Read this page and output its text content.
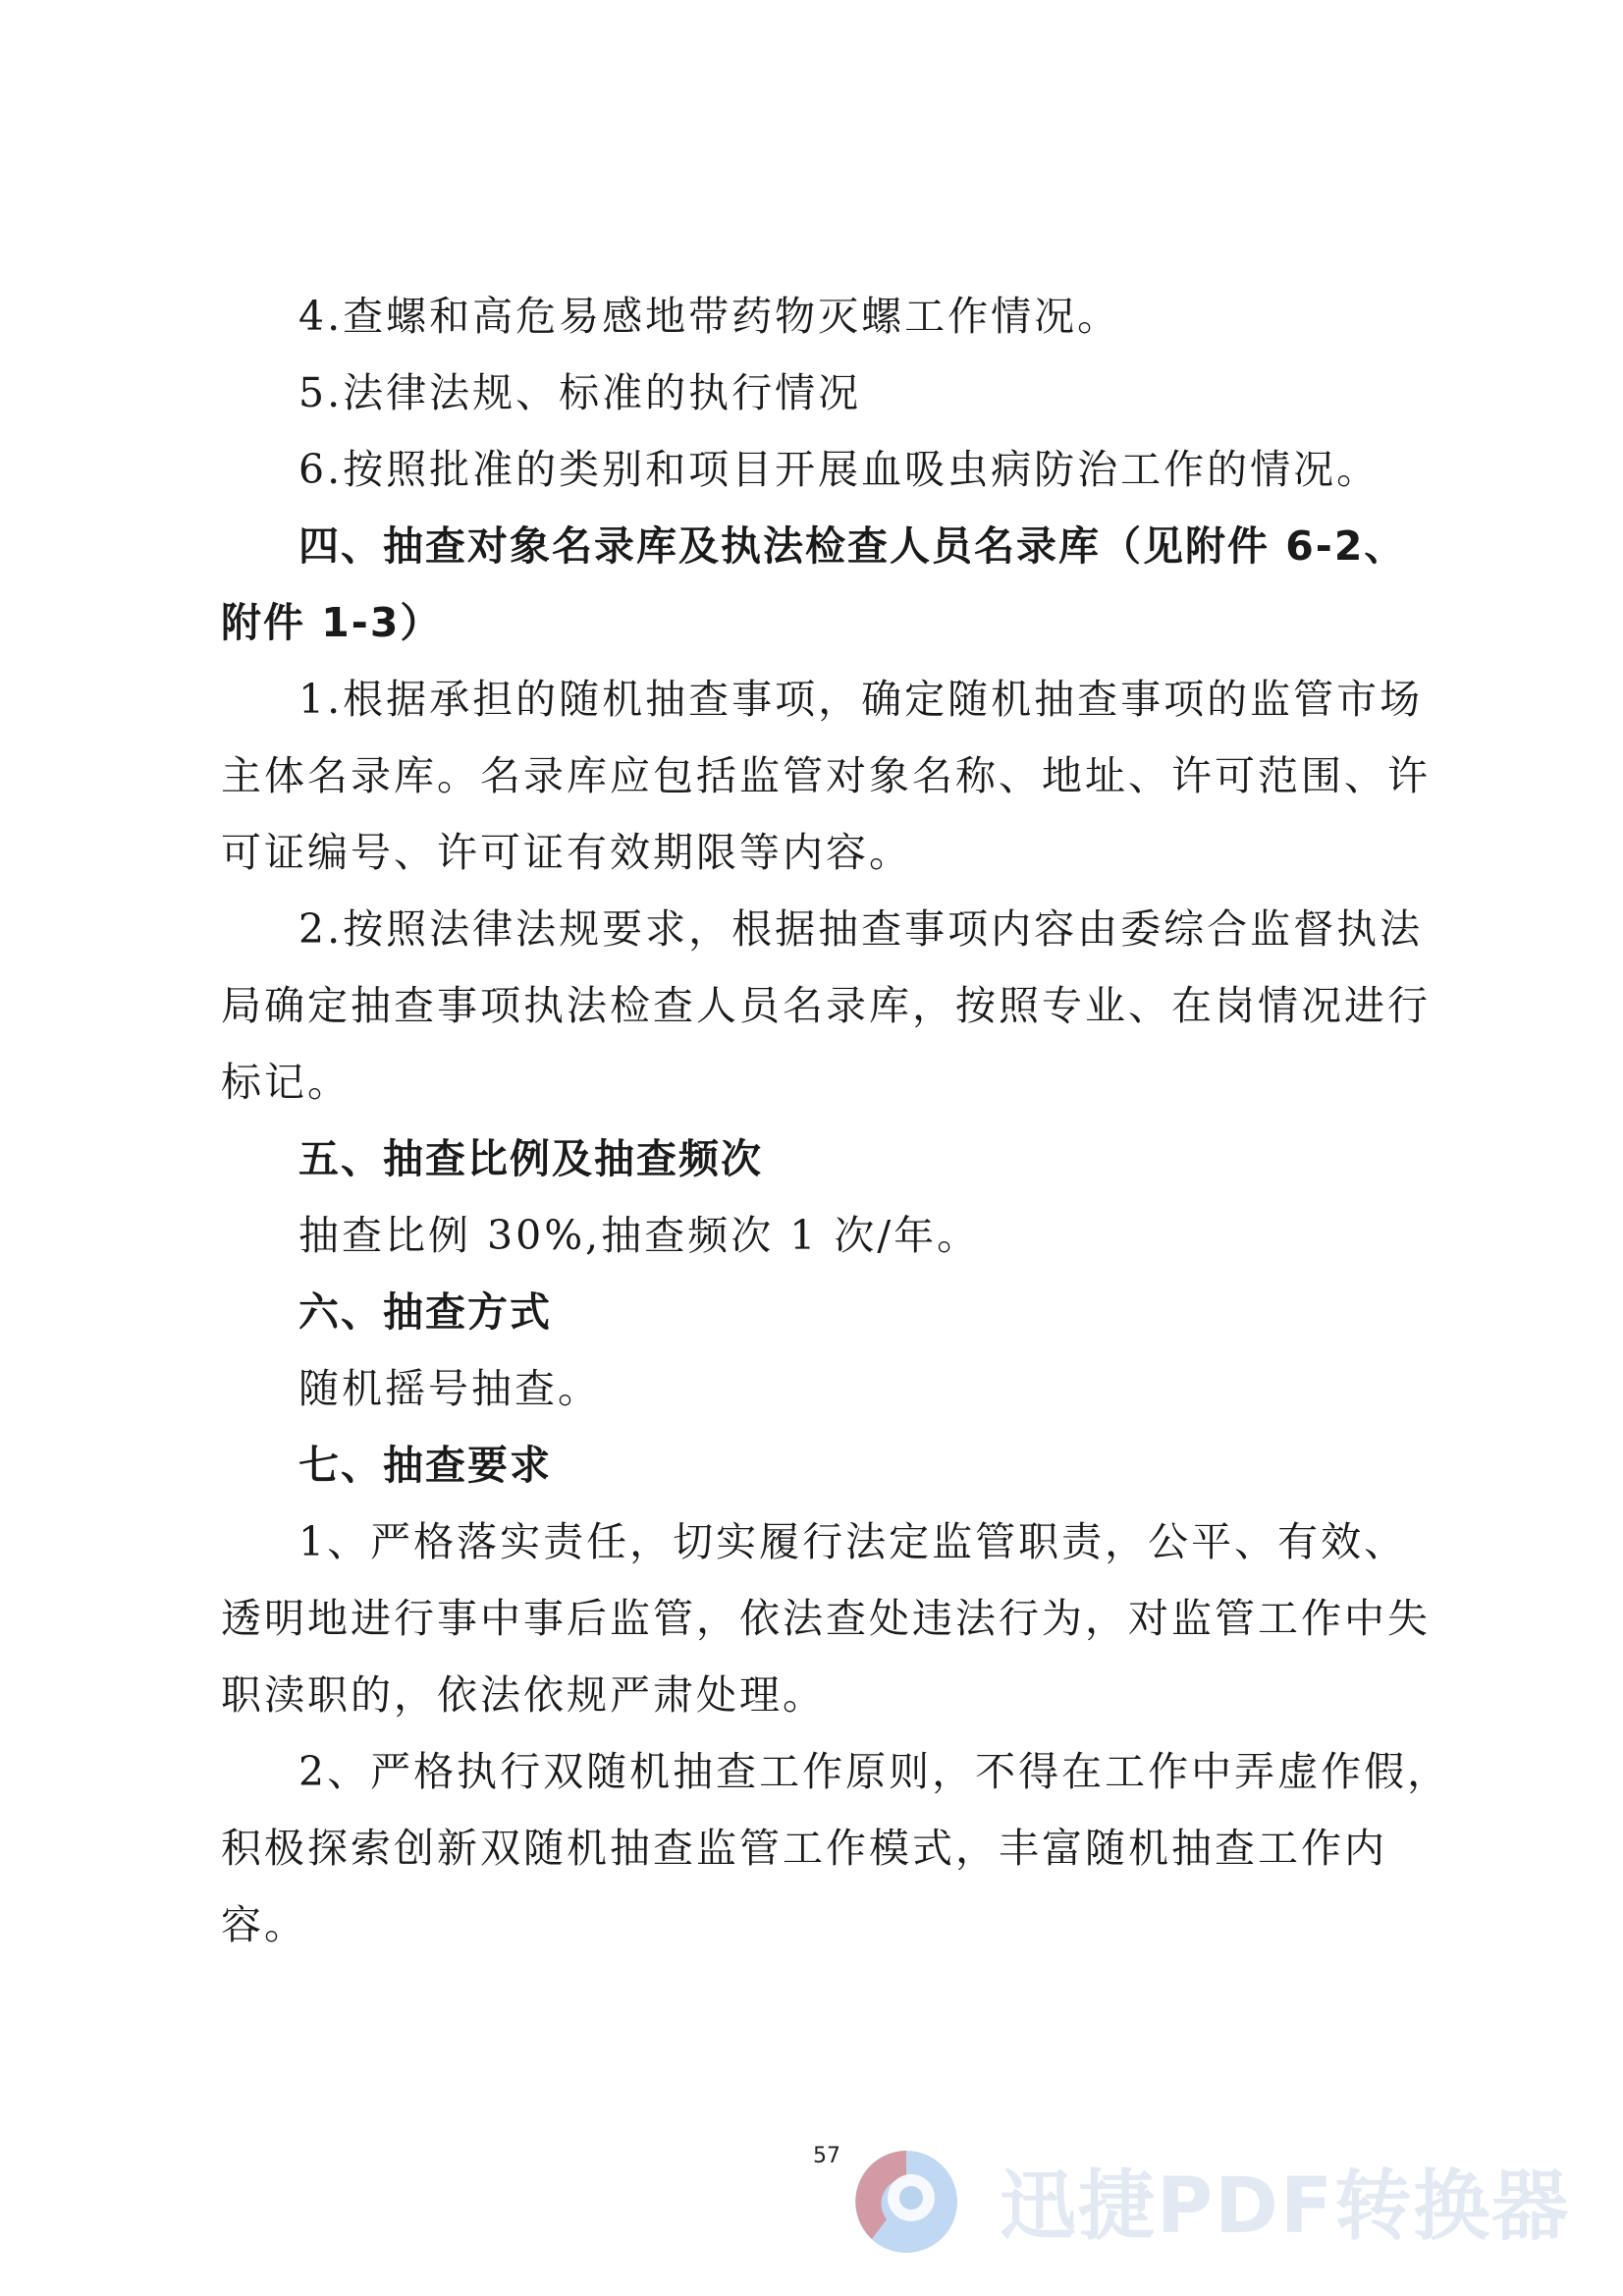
4.查螺和高危易感地带药物灭螺工作情况。
5.法律法规、标准的执行情况
6.按照批准的类别和项目开展血吸虫病防治工作的情况。
四、抽查对象名录库及执法检查人员名录库（见附件 6-2、
附件 1-3）
1.根据承担的随机抽查事项，确定随机抽查事项的监管市场
主体名录库。名录库应包括监管对象名称、地址、许可范围、许
可证编号、许可证有效期限等内容。
2.按照法律法规要求，根据抽查事项内容由委综合监督执法
局确定抽查事项执法检查人员名录库，按照专业、在岗情况进行
标记。
五、抽查比例及抽查频次
抽查比例 30%,抽查频次 1 次/年。
六、抽查方式
随机摇号抽查。
七、抽查要求
1、严格落实责任，切实履行法定监管职责，公平、有效、
透明地进行事中事后监管，依法查处违法行为，对监管工作中失
职渎职的，依法依规严肃处理。
2、严格执行双随机抽查工作原则，不得在工作中弄虚作假，
积极探索创新双随机抽查监管工作模式，丰富随机抽查工作内
容。
57
迅捷PDF转换器
